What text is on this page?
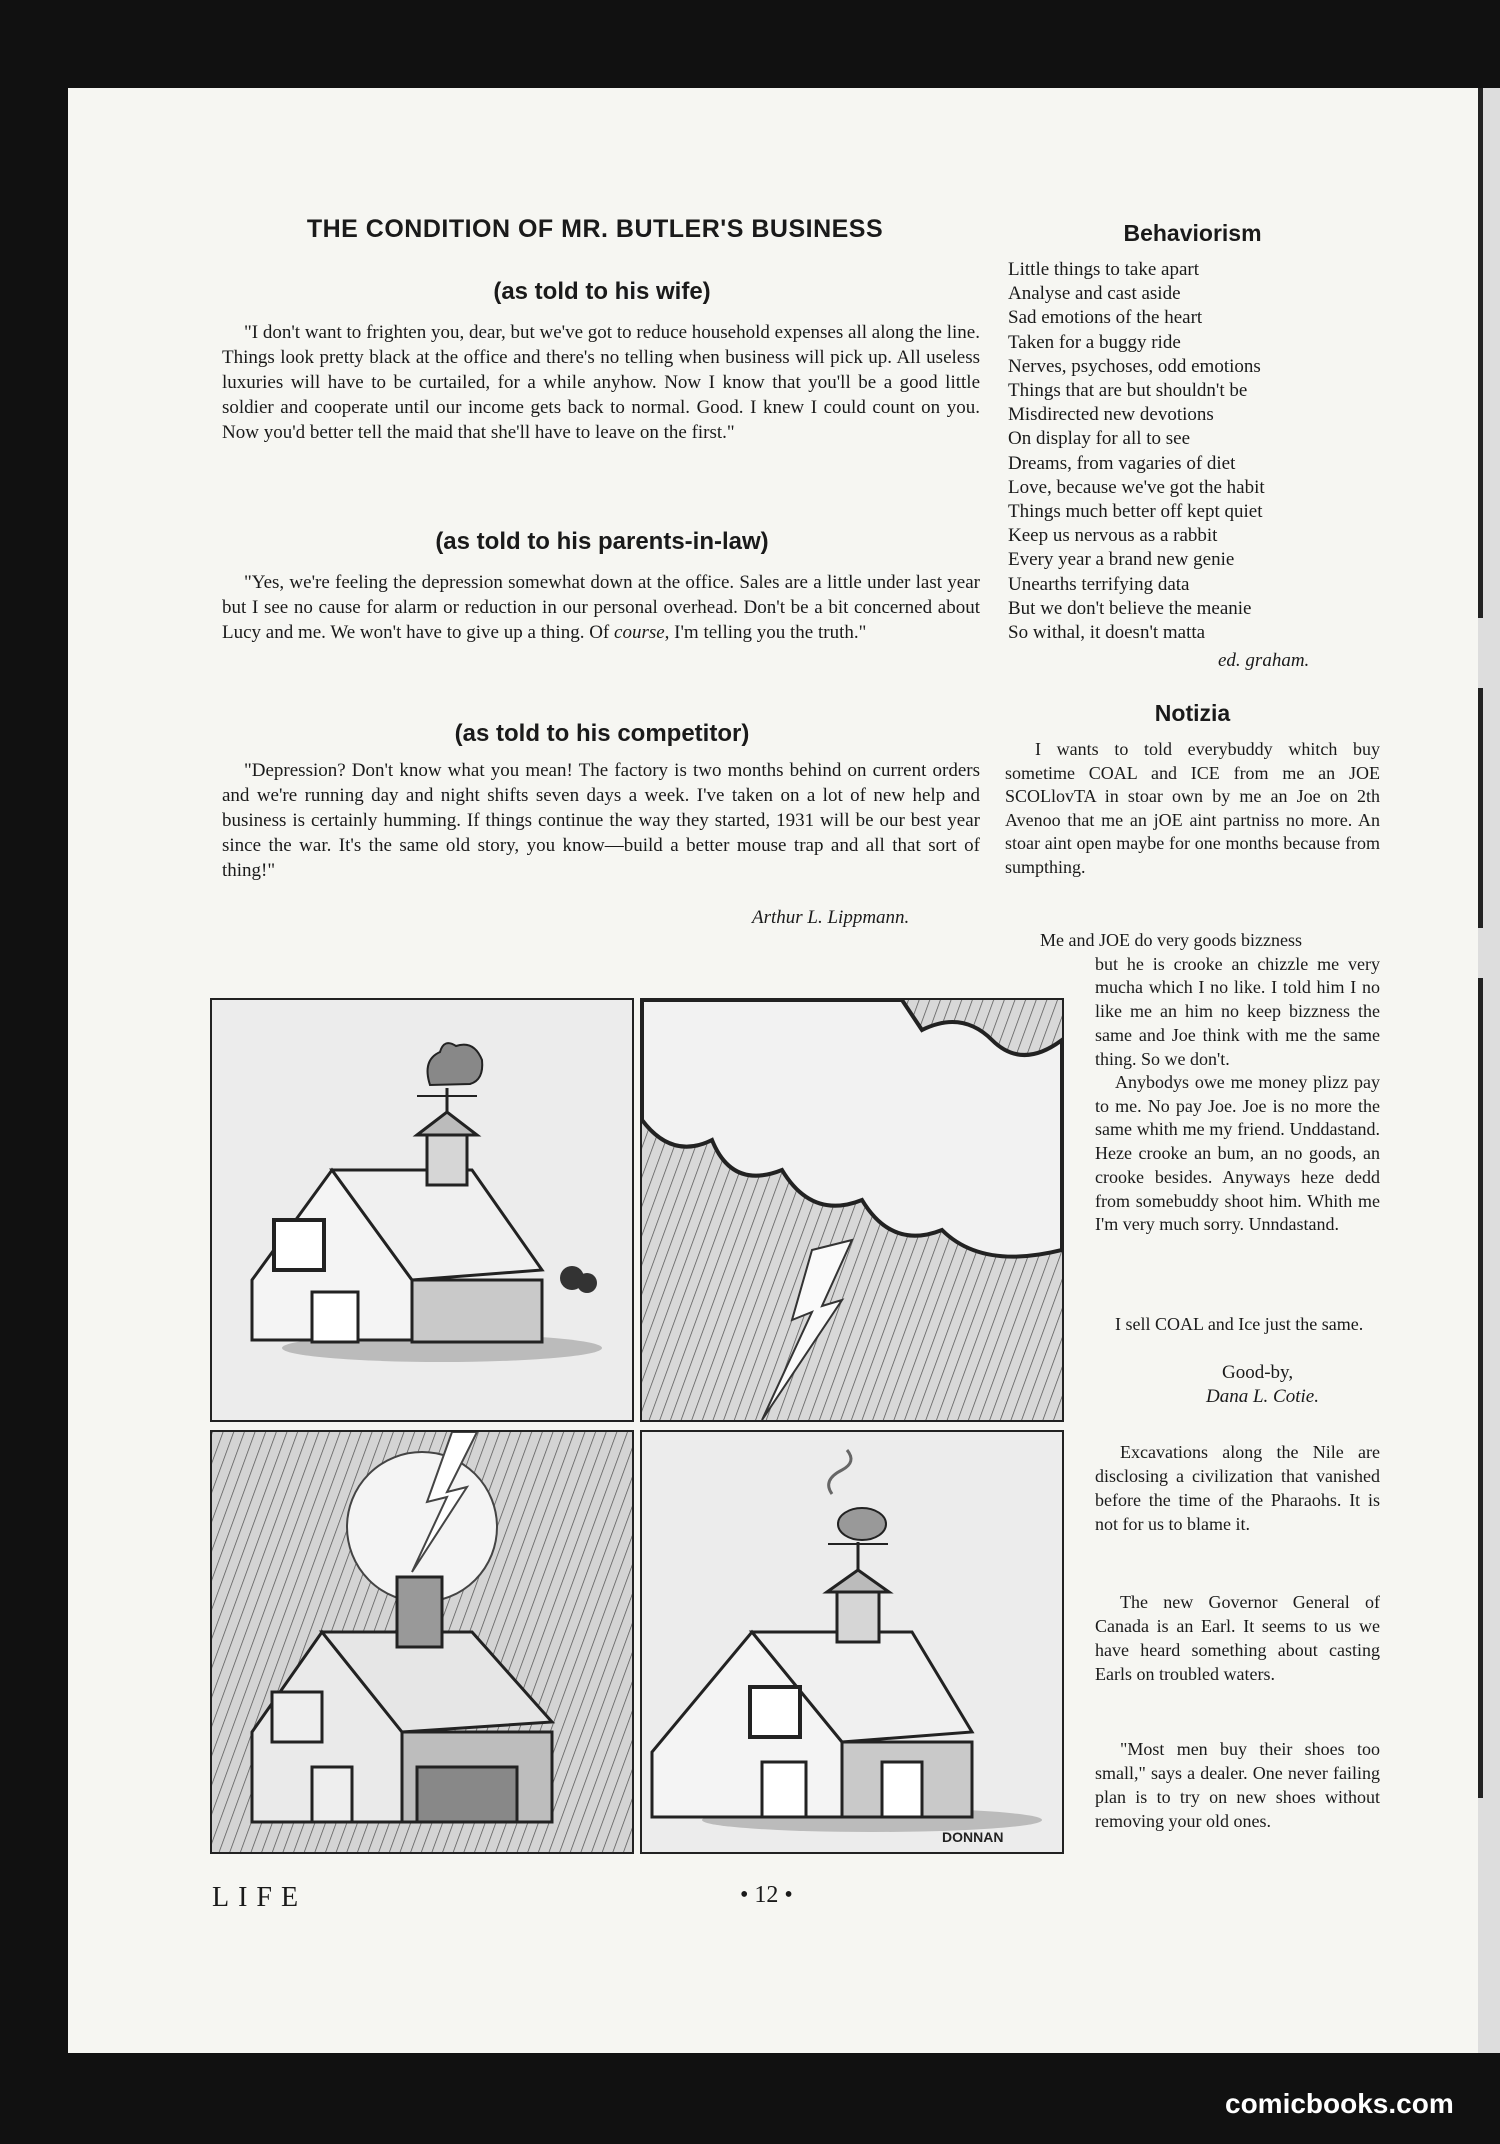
THE CONDITION OF MR. BUTLER'S BUSINESS

(as told to his wife)

"I don't want to frighten you, dear, but we've got to reduce household expenses all along the line. Things look pretty black at the office and there's no telling when business will pick up. All useless luxuries will have to be curtailed, for a while anyhow. Now I know that you'll be a good little soldier and cooperate until our income gets back to normal. Good. I knew I could count on you. Now you'd better tell the maid that she'll have to leave on the first."

(as told to his parents-in-law)

"Yes, we're feeling the depression somewhat down at the office. Sales are a little under last year but I see no cause for alarm or reduction in our personal overhead. Don't be a bit concerned about Lucy and me. We won't have to give up a thing. Of course, I'm telling you the truth."

(as told to his competitor)

"Depression? Don't know what you mean! The factory is two months behind on current orders and we're running day and night shifts seven days a week. I've taken on a lot of new help and business is certainly humming. If things continue the way they started, 1931 will be our best year since the war. It's the same old story, you know—build a better mouse trap and all that sort of thing!"

Arthur L. Lippmann.

Behaviorism

Little things to take apart
Analyse and cast aside
Sad emotions of the heart
Taken for a buggy ride
Nerves, psychoses, odd emotions
Things that are but shouldn't be
Misdirected new devotions
On display for all to see
Dreams, from vagaries of diet
Love, because we've got the habit
Things much better off kept quiet
Keep us nervous as a rabbit
Every year a brand new genie
Unearths terrifying data
But we don't believe the meanie
So withal, it doesn't matta
ed. graham.

Notizia

I wants to told everybuddy whitch buy sometime COAL and ICE from me an JOE SCOLlovTA in stoar own by me an Joe on 2th Avenoo that me an jOE aint partniss no more. An stoar aint open maybe for one months because from sumpthing.

Me and JOE do very goods bizzness
but he is crooke an chizzle me very mucha which I no like. I told him I no like me an him no keep bizzness the same and Joe think with me the same thing. So we don't.

Anybodys owe me money plizz pay to me. No pay Joe. Joe is no more the same whith me my friend. Unddastand. Heze crooke an bum, an no goods, an crooke besides. Anyways heze dedd from somebuddy shoot him. Whith me I'm very much sorry. Unndastand.

I sell COAL and Ice just the same.

Good-by,
Dana L. Cotie.

Excavations along the Nile are disclosing a civilization that vanished before the time of the Pharaohs. It is not for us to blame it.

The new Governor General of Canada is an Earl. It seems to us we have heard something about casting Earls on troubled waters.

"Most men buy their shoes too small," says a dealer. One never failing plan is to try on new shoes without removing your old ones.

DONNAN
LIFE	• 12 •
comicbooks.com
